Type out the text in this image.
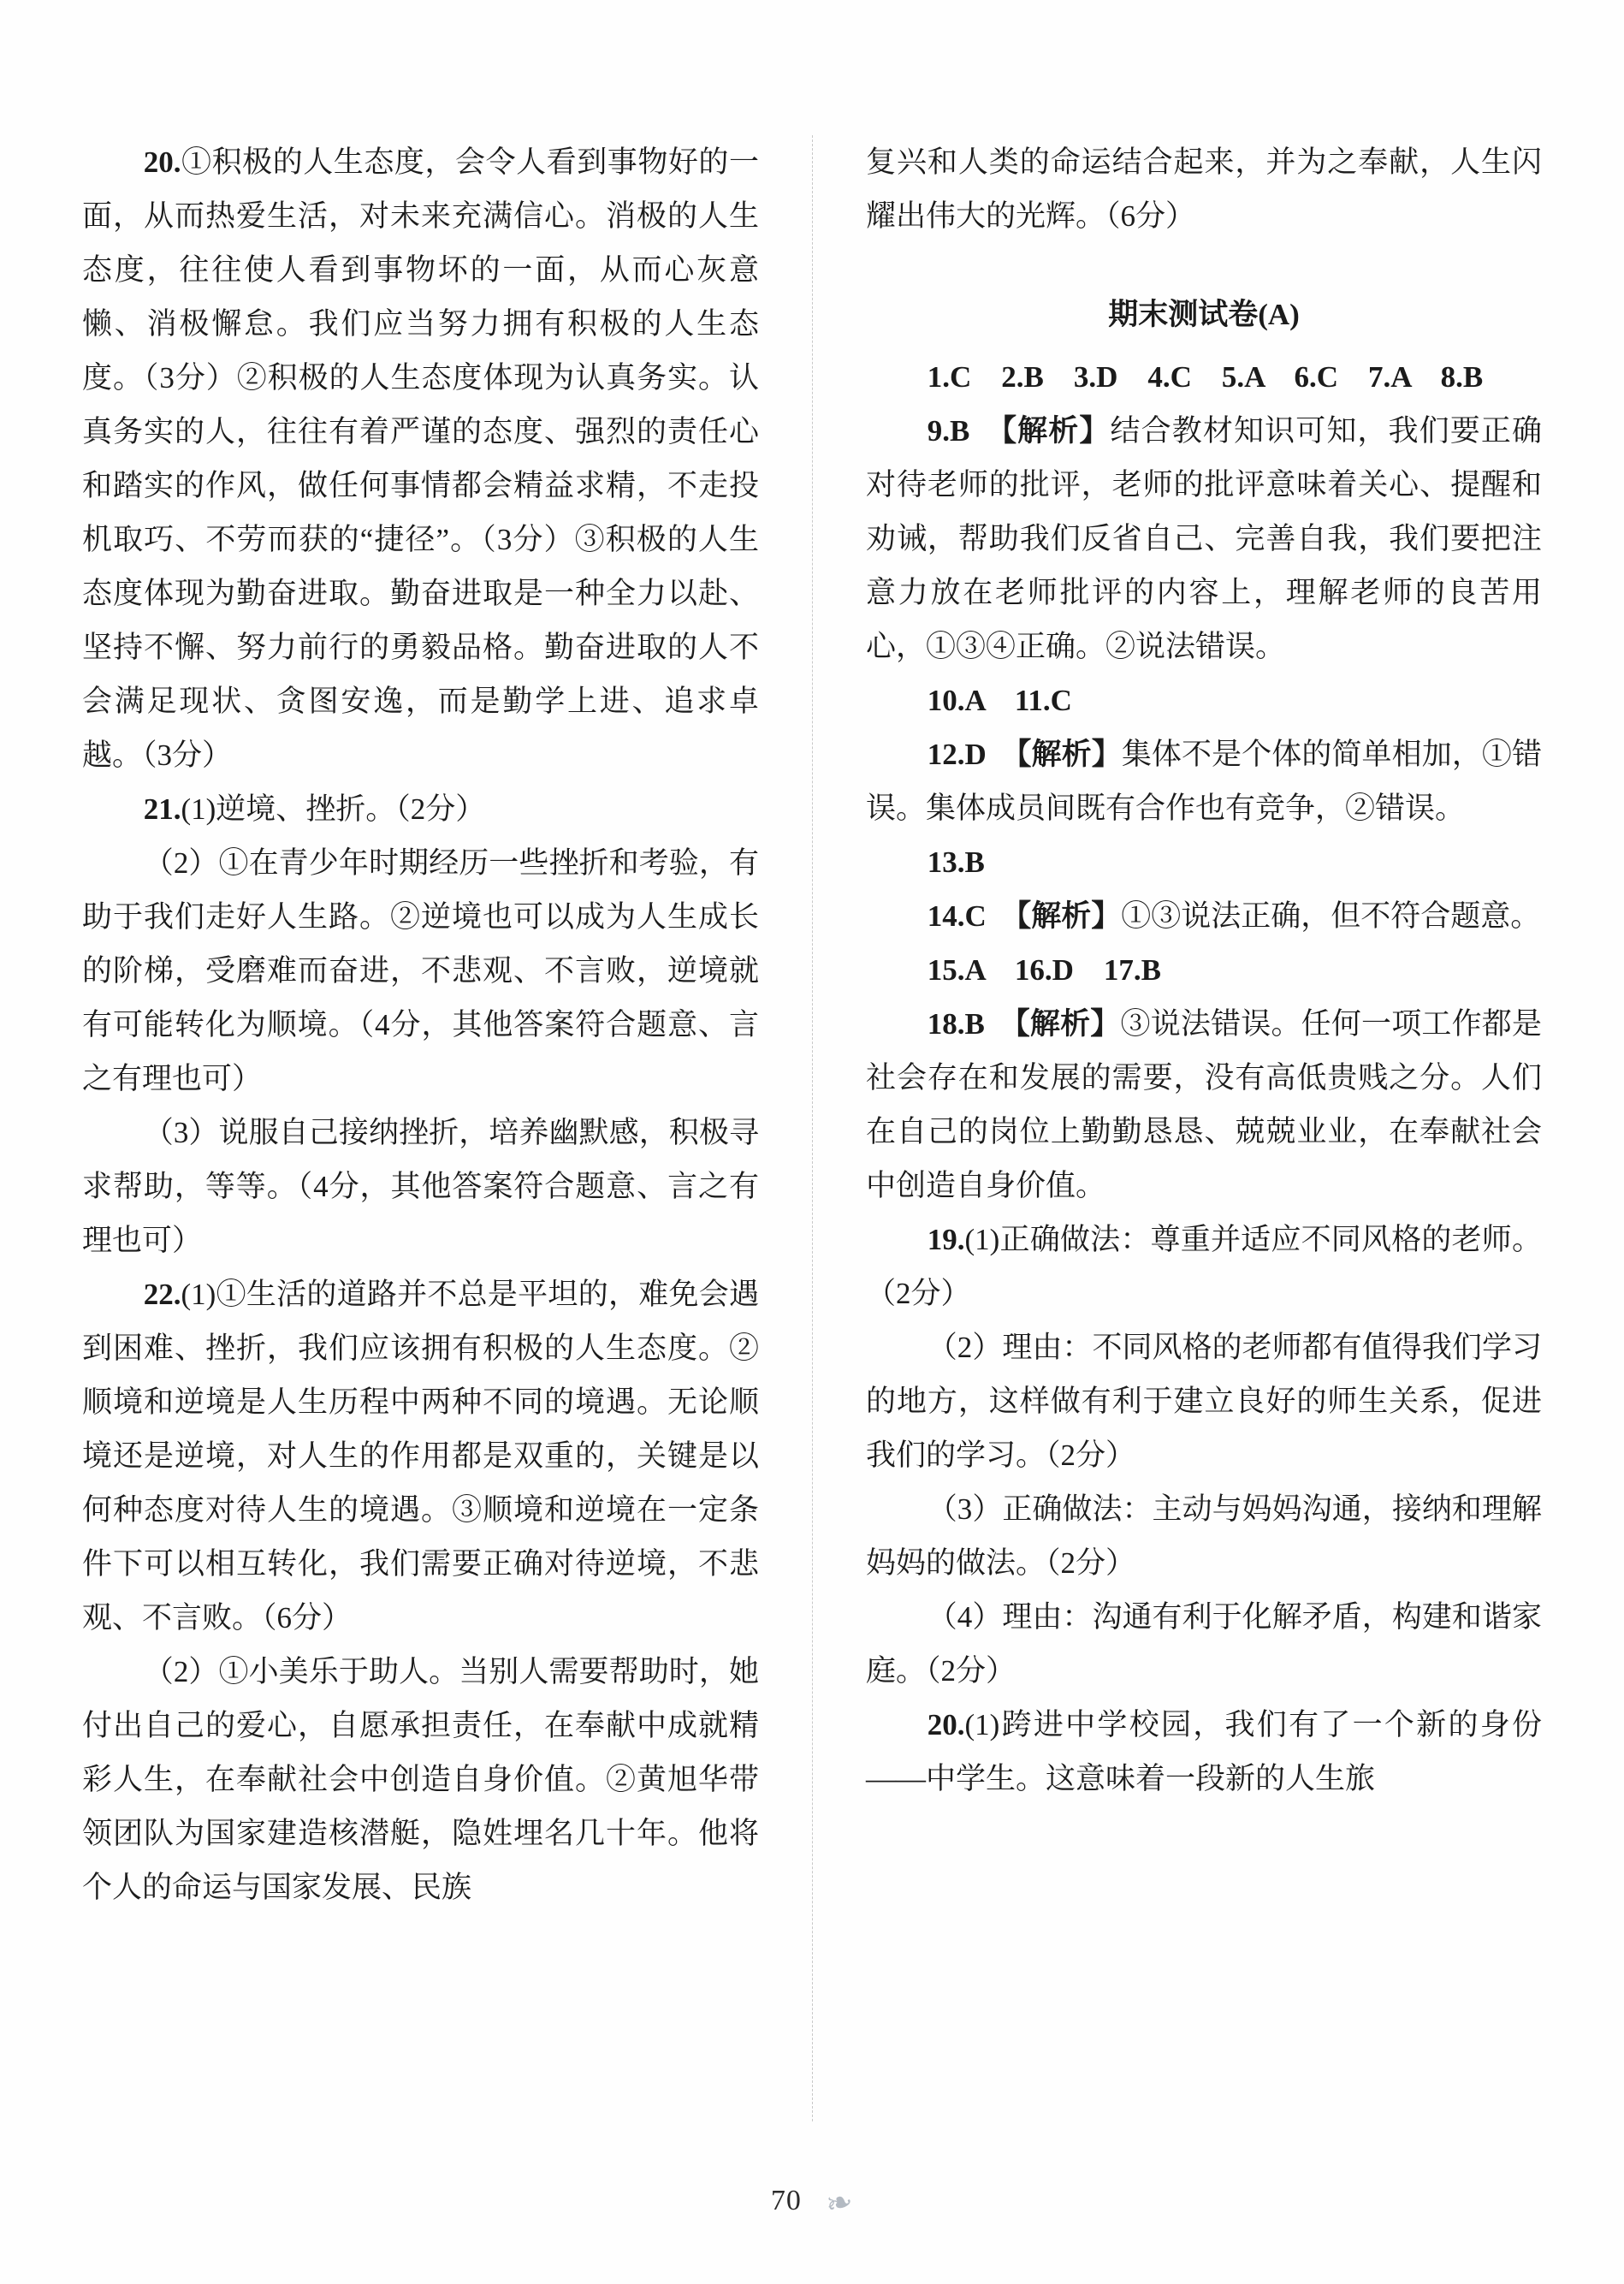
20.①积极的人生态度，会令人看到事物好的一面，从而热爱生活，对未来充满信心。消极的人生态度，往往使人看到事物坏的一面，从而心灰意懒、消极懈怠。我们应当努力拥有积极的人生态度。（3分）②积极的人生态度体现为认真务实。认真务实的人，往往有着严谨的态度、强烈的责任心和踏实的作风，做任何事情都会精益求精，不走投机取巧、不劳而获的“捷径”。（3分）③积极的人生态度体现为勤奋进取。勤奋进取是一种全力以赴、坚持不懈、努力前行的勇毅品格。勤奋进取的人不会满足现状、贪图安逸，而是勤学上进、追求卓越。（3分）

21.(1)逆境、挫折。（2分）

（2）①在青少年时期经历一些挫折和考验，有助于我们走好人生路。②逆境也可以成为人生成长的阶梯，受磨难而奋进，不悲观、不言败，逆境就有可能转化为顺境。（4分，其他答案符合题意、言之有理也可）

（3）说服自己接纳挫折，培养幽默感，积极寻求帮助，等等。（4分，其他答案符合题意、言之有理也可）

22.(1)①生活的道路并不总是平坦的，难免会遇到困难、挫折，我们应该拥有积极的人生态度。②顺境和逆境是人生历程中两种不同的境遇。无论顺境还是逆境，对人生的作用都是双重的，关键是以何种态度对待人生的境遇。③顺境和逆境在一定条件下可以相互转化，我们需要正确对待逆境，不悲观、不言败。（6分）

（2）①小美乐于助人。当别人需要帮助时，她付出自己的爱心，自愿承担责任，在奉献中成就精彩人生，在奉献社会中创造自身价值。②黄旭华带领团队为国家建造核潜艇，隐姓埋名几十年。他将个人的命运与国家发展、民族

复兴和人类的命运结合起来，并为之奉献，人生闪耀出伟大的光辉。（6分）

期末测试卷(A)

1.C　2.B　3.D　4.C　5.A　6.C　7.A　8.B

9.B　【解析】结合教材知识可知，我们要正确对待老师的批评，老师的批评意味着关心、提醒和劝诫，帮助我们反省自己、完善自我，我们要把注意力放在老师批评的内容上，理解老师的良苦用心，①③④正确。②说法错误。

10.A　11.C

12.D　【解析】集体不是个体的简单相加，①错误。集体成员间既有合作也有竞争，②错误。

13.B

14.C　【解析】①③说法正确，但不符合题意。

15.A　16.D　17.B

18.B　【解析】③说法错误。任何一项工作都是社会存在和发展的需要，没有高低贵贱之分。人们在自己的岗位上勤勤恳恳、兢兢业业，在奉献社会中创造自身价值。

19.(1)正确做法：尊重并适应不同风格的老师。（2分）

（2）理由：不同风格的老师都有值得我们学习的地方，这样做有利于建立良好的师生关系，促进我们的学习。（2分）

（3）正确做法：主动与妈妈沟通，接纳和理解妈妈的做法。（2分）

（4）理由：沟通有利于化解矛盾，构建和谐家庭。（2分）

20.(1)跨进中学校园，我们有了一个新的身份——中学生。这意味着一段新的人生旅

70 ❧
